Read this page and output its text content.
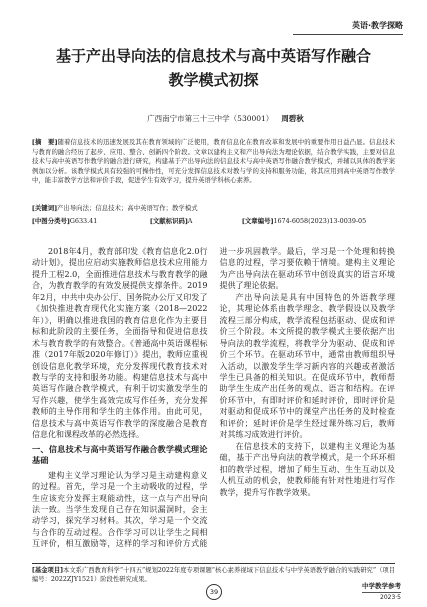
英语·教学探略
基于产出导向法的信息技术与高中英语写作融合
教学模式初探
广西南宁市第三十三中学（530001） 周碧秋
[摘　要]随着信息技术的迅速发展及其在教育领域的广泛使用，教育信息化在教育改革和发展中的重要作用日益凸显。信息技术与教育的融合经历了起步、应用、整合、创新四个阶段。文章以建构主义和产出导向法为理论依据，结合教学实践，主要对信息技术与高中英语写作教学的融合进行研究，构建基于产出导向法的信息技术与高中英语写作融合教学模式，并辅以具体的教学案例加以分析。该教学模式具有较强的可操作性，可充分发挥信息技术对教与学的支持和服务功能，将其应用到高中英语写作教学中，能丰富教学方法和评价手段，促进学生有效学习，提升英语学科核心素养。
[关键词]产出导向法；信息技术；高中英语写作；教学模式
[中图分类号]G633.41	[文献标识码]A	[文章编号]1674-6058(2023)13-0039-05

2018年4月，教育部印发《教育信息化2.0行动计划》，提出应启动实施教师信息技术应用能力提升工程2.0，全面推进信息技术与教育教学的融合，为教育教学的有效发展提供支撑条件。2019年2月，中共中央办公厅、国务院办公厅又印发了《加快推进教育现代化实施方案（2018—2022年）》，明确以推进我国的教育信息化作为主要目标和此阶段的主要任务，全面指导和促进信息技术与教育教学的有效整合。《普通高中英语课程标准（2017年版2020年修订）》提出，教师应重视创设信息化教学环境，充分发挥现代教育技术对教与学的支持和服务功能。构建信息技术与高中英语写作融合教学模式，有利于切实激发学生的写作兴趣，使学生高效完成写作任务，充分发挥教师的主导作用和学生的主体作用。由此可见，信息技术与高中英语写作教学的深度融合是教育信息化和课程改革的必然选择。

一、信息技术与高中英语写作融合教学模式理论基础

建构主义学习理论认为学习是主动建构意义的过程。首先，学习是一个主动吸收的过程，学生应该充分发挥主观能动性，这一点与产出导向法一致。当学生发现自己存在知识漏洞时，会主动学习，探究学习材料。其次，学习是一个交流与合作的互动过程。合作学习可以让学生之间相互评价，相互激励等，这样的学习和评价方式能进一步巩固教学。最后，学习是一个处理和转换信息的过程，学习要依赖于情境。建构主义理论为产出导向法在驱动环节中创设真实的语言环境提供了理论依据。

产出导向法是具有中国特色的外语教学理论，其理论体系由教学理念、教学假设以及教学流程三部分构成，教学流程包括驱动、促成和评价三个阶段。本文所提的教学模式主要依据产出导向法的教学流程，将教学分为驱动、促成和评价三个环节。在驱动环节中，通常由教师组织导入活动，以激发学生学习新内容的兴趣或者激活学生已具备的相关知识。在促成环节中，教师帮助学生生成产出任务的观点、语言和结构。在评价环节中，有即时评价和延时评价，即时评价是对驱动和促成环节中的课堂产出任务的及时检查和评价；延时评价是学生经过课外练习后，教师对其练习成效进行评价。

在信息技术的支持下，以建构主义理论为基础，基于产出导向法的教学模式，是一个环环相扣的教学过程，增加了师生互动、生生互动以及人机互动的机会，使教师能有针对性地进行写作教学，提升写作教学效果。

[基金项目]本文系广西教育科学“十四五”规划2022年度专项课题“核心素养视域下信息技术与中学英语教学融合的实践研究”（项目编号：2022ZJY1521）阶段性研究成果。
39
中学教学参考
2023·5
